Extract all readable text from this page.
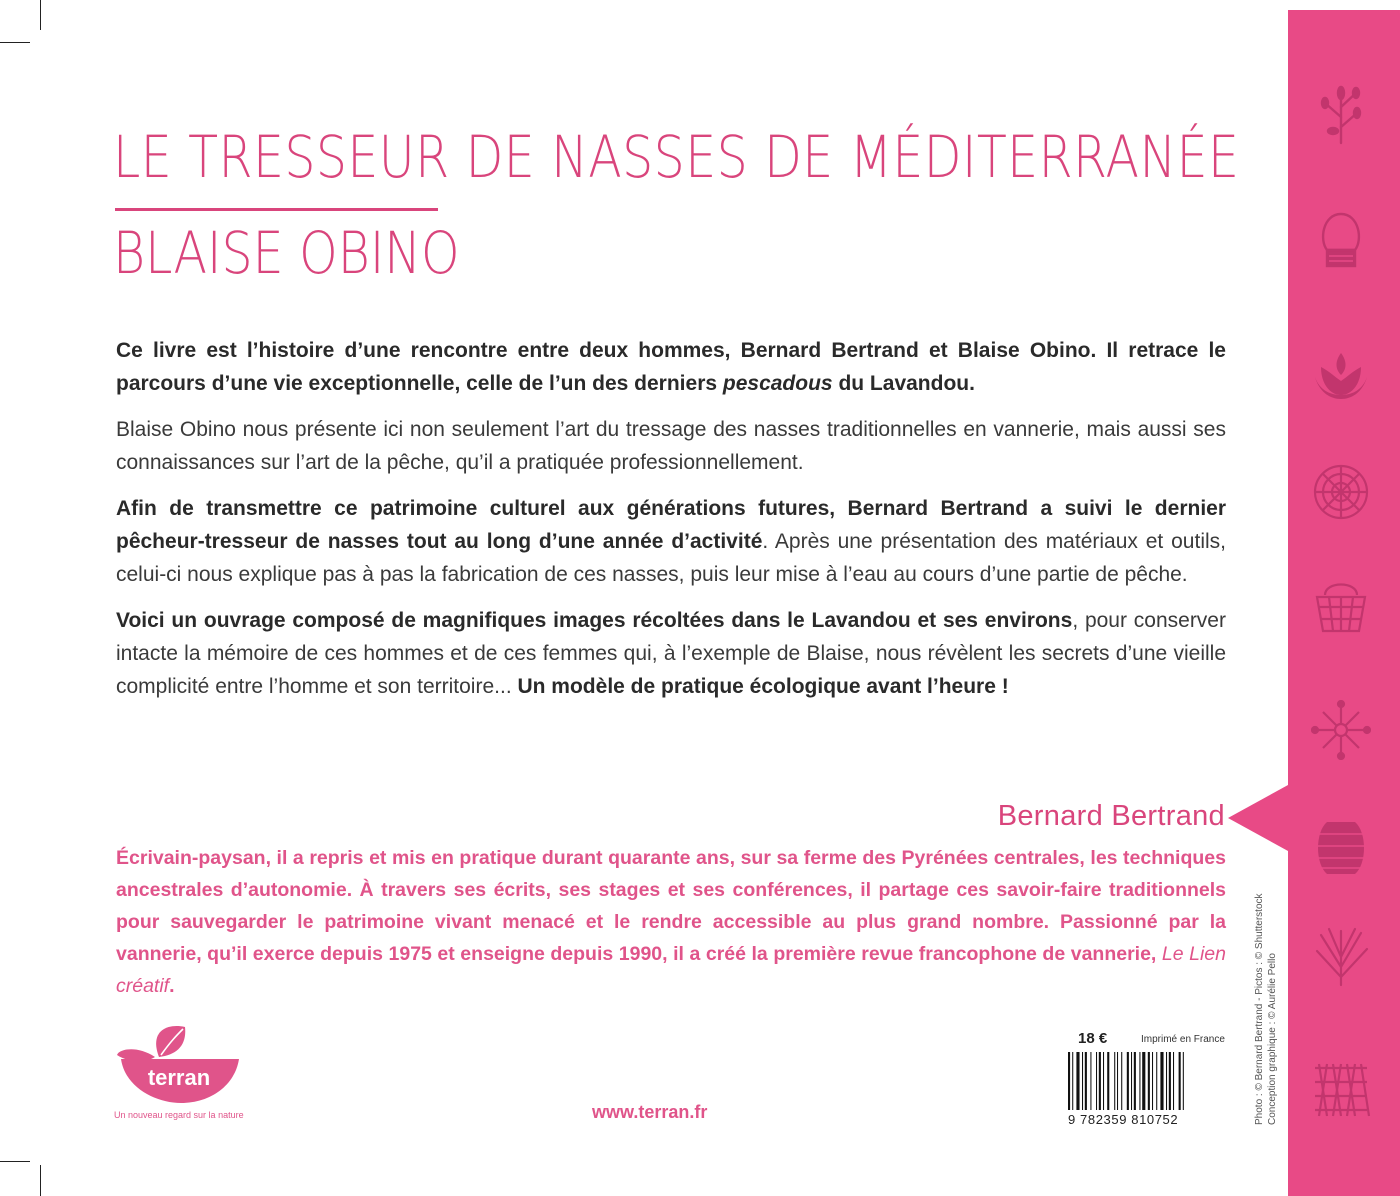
LE TRESSEUR DE NASSES DE MÉDITERRANÉE
BLAISE OBINO

Ce livre est l’histoire d’une rencontre entre deux hommes, Bernard Bertrand et Blaise Obino. Il retrace le parcours d’une vie exceptionnelle, celle de l’un des derniers pescadous du Lavandou.

Blaise Obino nous présente ici non seulement l’art du tressage des nasses traditionnelles en vannerie, mais aussi ses connaissances sur l’art de la pêche, qu’il a pratiquée professionnellement.

Afin de transmettre ce patrimoine culturel aux générations futures, Bernard Bertrand a suivi le dernier pêcheur-tresseur de nasses tout au long d’une année d’activité. Après une présentation des matériaux et outils, celui-ci nous explique pas à pas la fabrication de ces nasses, puis leur mise à l’eau au cours d’une partie de pêche.

Voici un ouvrage composé de magnifiques images récoltées dans le Lavandou et ses environs, pour conserver intacte la mémoire de ces hommes et de ces femmes qui, à l’exemple de Blaise, nous révèlent les secrets d’une vieille complicité entre l’homme et son territoire... Un modèle de pratique écologique avant l’heure !

Bernard Bertrand

Écrivain-paysan, il a repris et mis en pratique durant quarante ans, sur sa ferme des Pyrénées centrales, les techniques ancestrales d’autonomie. À travers ses écrits, ses stages et ses conférences, il partage ces savoir-faire traditionnels pour sauvegarder le patrimoine vivant menacé et le rendre accessible au plus grand nombre. Passionné par la vannerie, qu’il exerce depuis 1975 et enseigne depuis 1990, il a créé la première revue francophone de vannerie, Le Lien créatif.	Photo : © Bernard Bertrand - Pictos : © Shutterstock Conception graphique : © Aurélie Pello
18 €	Imprimé en France
9 782359 810752
terran
Un nouveau regard sur la nature	www.terran.fr
